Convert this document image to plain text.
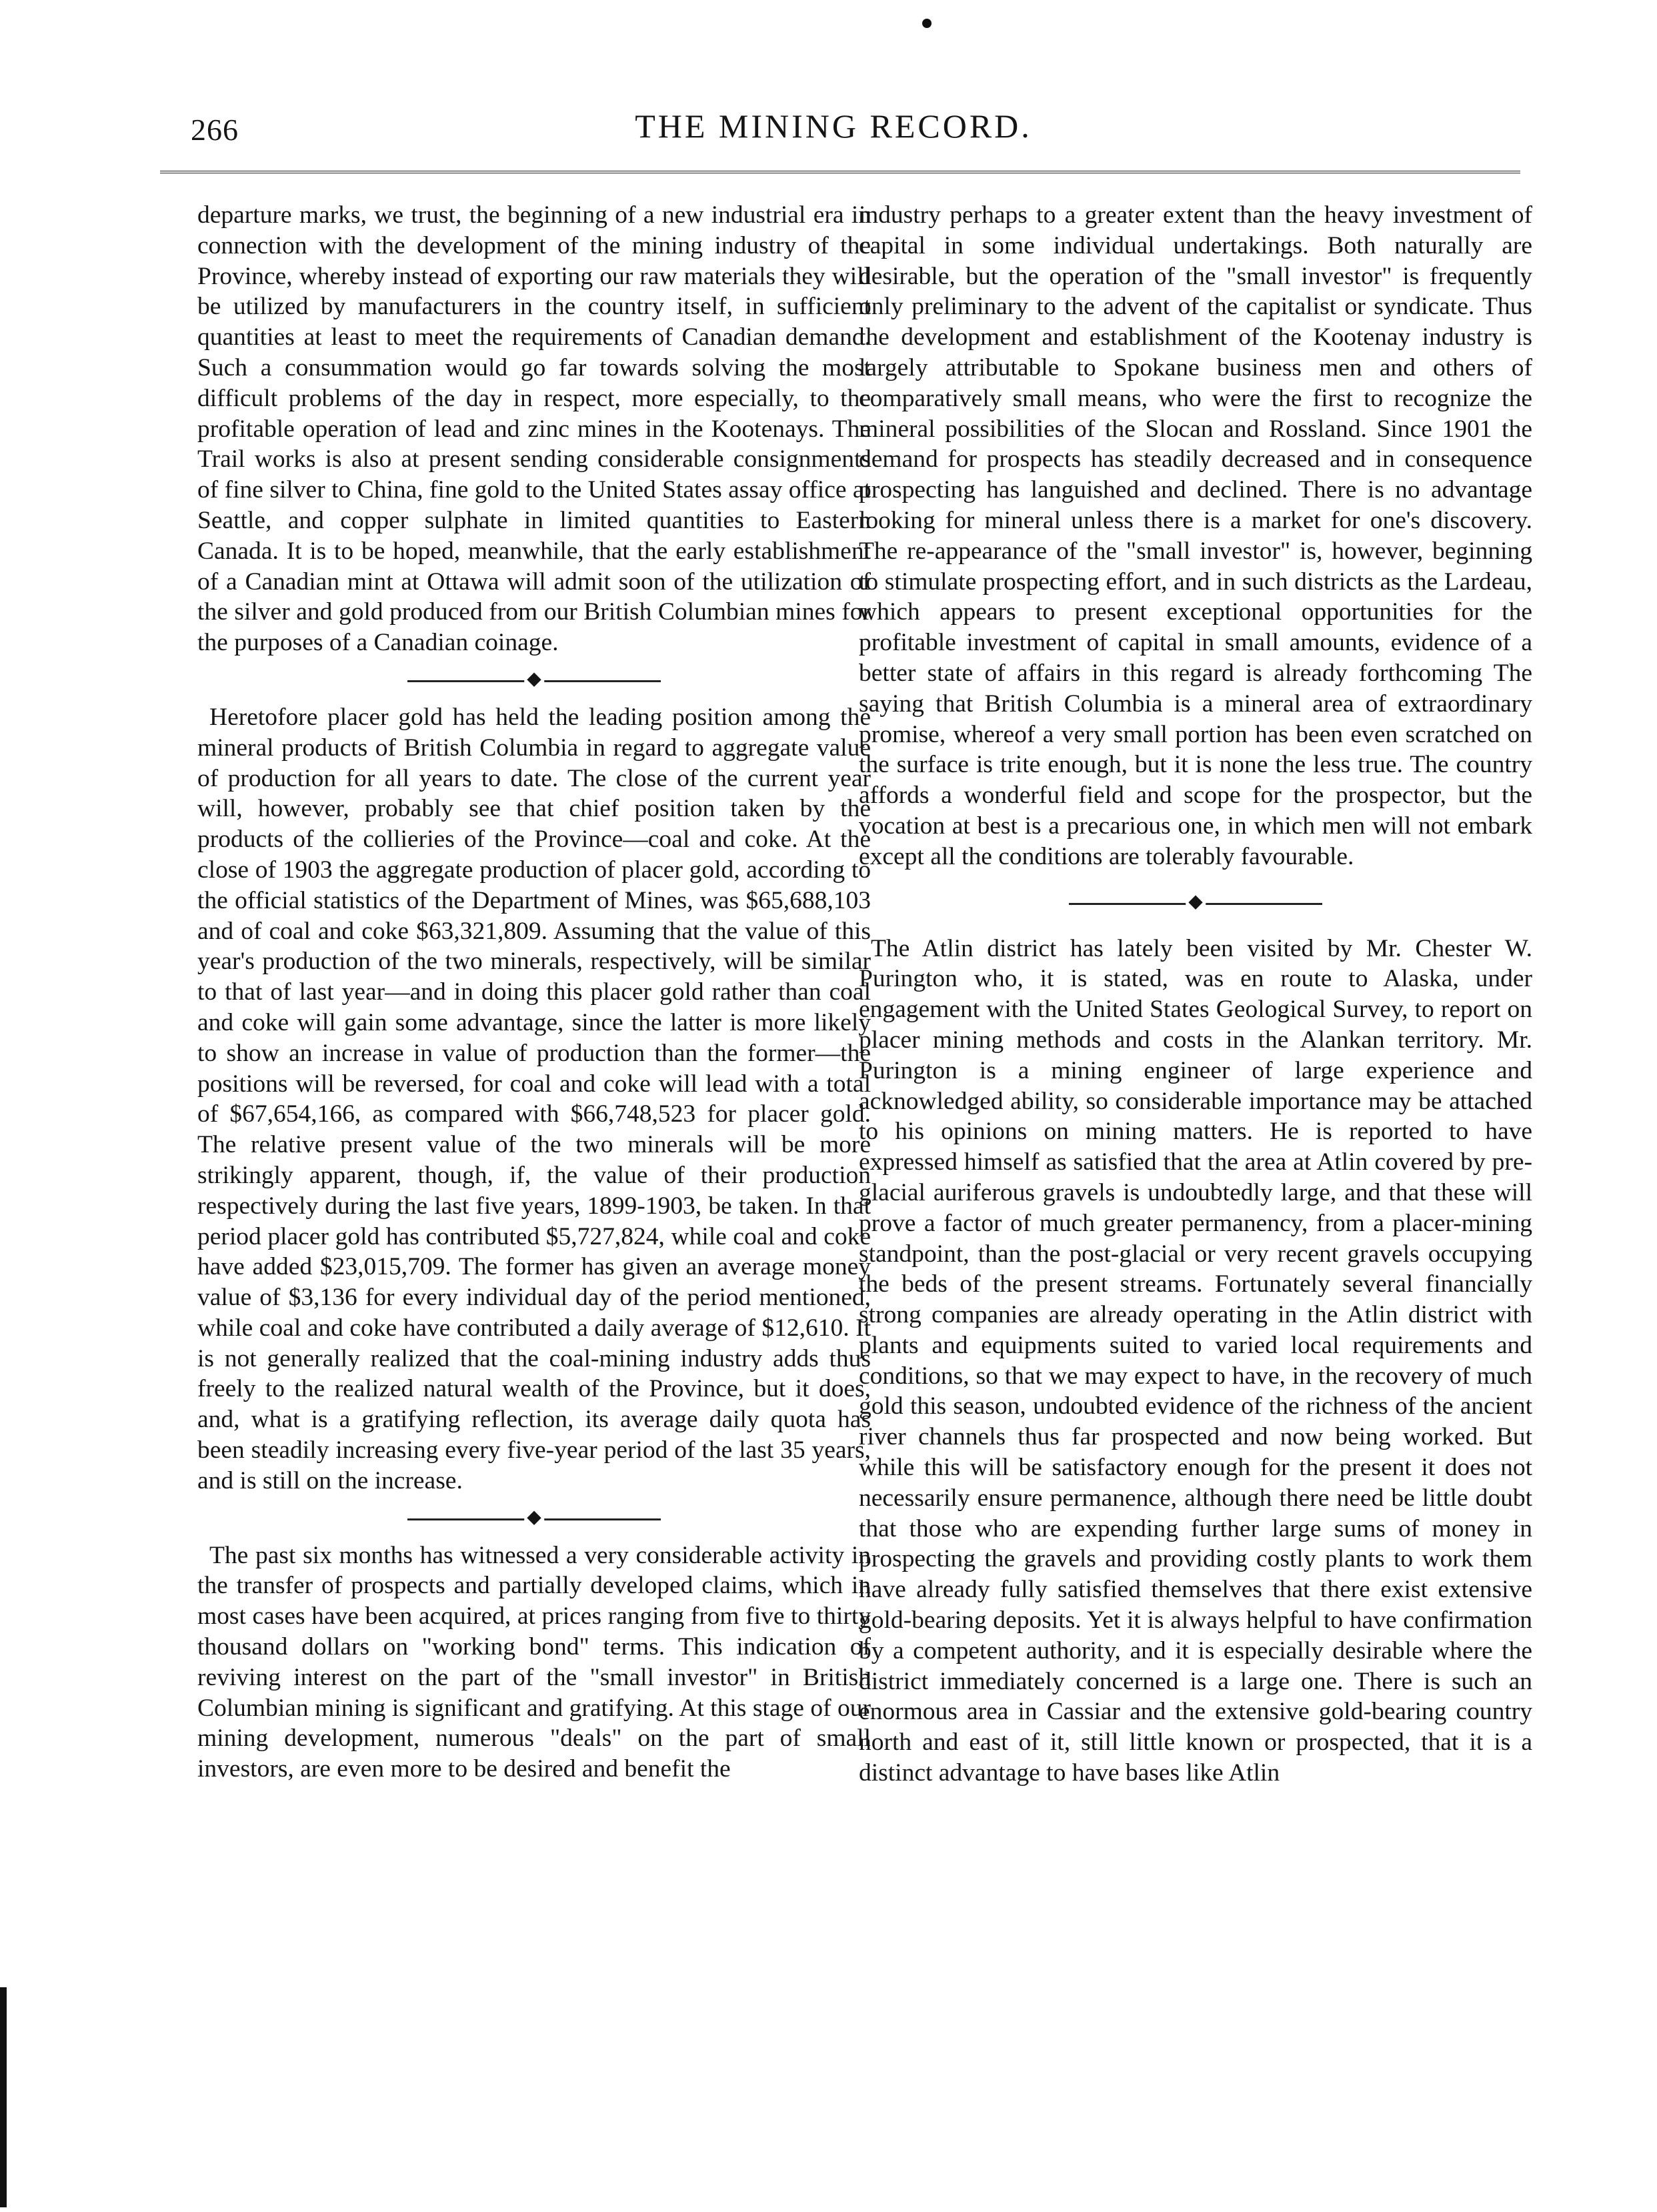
266	THE MINING RECORD.

departure marks, we trust, the beginning of a new industrial era in connection with the development of the mining industry of the Province, whereby instead of exporting our raw materials they will be utilized by manufacturers in the country itself, in sufficient quantities at least to meet the requirements of Canadian demand. Such a consummation would go far towards solving the most difficult problems of the day in respect, more especially, to the profitable operation of lead and zinc mines in the Kootenays. The Trail works is also at present sending considerable consignments of fine silver to China, fine gold to the United States assay office at Seattle, and copper sulphate in limited quantities to Eastern Canada. It is to be hoped, meanwhile, that the early establishment of a Canadian mint at Ottawa will admit soon of the utilization of the silver and gold produced from our British Columbian mines for the purposes of a Canadian coinage.

◆

Heretofore placer gold has held the leading position among the mineral products of British Columbia in regard to aggregate value of production for all years to date. The close of the current year will, however, probably see that chief position taken by the products of the collieries of the Province—coal and coke. At the close of 1903 the aggregate production of placer gold, according to the official statistics of the Department of Mines, was $65,688,103 and of coal and coke $63,321,809. Assuming that the value of this year's production of the two minerals, respectively, will be similar to that of last year—and in doing this placer gold rather than coal and coke will gain some advantage, since the latter is more likely to show an increase in value of production than the former—the positions will be reversed, for coal and coke will lead with a total of $67,654,166, as compared with $66,748,523 for placer gold. The relative present value of the two minerals will be more strikingly apparent, though, if, the value of their production respectively during the last five years, 1899-1903, be taken. In that period placer gold has contributed $5,727,824, while coal and coke have added $23,015,709. The former has given an average money value of $3,136 for every individual day of the period mentioned, while coal and coke have contributed a daily average of $12,610. It is not generally realized that the coal-mining industry adds thus freely to the realized natural wealth of the Province, but it does, and, what is a gratifying reflection, its average daily quota has been steadily increasing every five-year period of the last 35 years, and is still on the increase.

◆

The past six months has witnessed a very considerable activity in the transfer of prospects and partially developed claims, which in most cases have been acquired, at prices ranging from five to thirty thousand dollars on "working bond" terms. This indication of reviving interest on the part of the "small investor" in British Columbian mining is significant and gratifying. At this stage of our mining development, numerous "deals" on the part of small investors, are even more to be desired and benefit the

industry perhaps to a greater extent than the heavy investment of capital in some individual undertakings. Both naturally are desirable, but the operation of the "small investor" is frequently only preliminary to the advent of the capitalist or syndicate. Thus the development and establishment of the Kootenay industry is largely attributable to Spokane business men and others of comparatively small means, who were the first to recognize the mineral possibilities of the Slocan and Rossland. Since 1901 the demand for prospects has steadily decreased and in consequence prospecting has languished and declined. There is no advantage looking for mineral unless there is a market for one's discovery. The re-appearance of the "small investor" is, however, beginning to stimulate prospecting effort, and in such districts as the Lardeau, which appears to present exceptional opportunities for the profitable investment of capital in small amounts, evidence of a better state of affairs in this regard is already forthcoming The saying that British Columbia is a mineral area of extraordinary promise, whereof a very small portion has been even scratched on the surface is trite enough, but it is none the less true. The country affords a wonderful field and scope for the prospector, but the vocation at best is a precarious one, in which men will not embark except all the conditions are tolerably favourable.

◆

The Atlin district has lately been visited by Mr. Chester W. Purington who, it is stated, was en route to Alaska, under engagement with the United States Geological Survey, to report on placer mining methods and costs in the Alankan territory. Mr. Purington is a mining engineer of large experience and acknowledged ability, so considerable importance may be attached to his opinions on mining matters. He is reported to have expressed himself as satisfied that the area at Atlin covered by pre-glacial auriferous gravels is undoubtedly large, and that these will prove a factor of much greater permanency, from a placer-mining standpoint, than the post-glacial or very recent gravels occupying the beds of the present streams. Fortunately several financially strong companies are already operating in the Atlin district with plants and equipments suited to varied local requirements and conditions, so that we may expect to have, in the recovery of much gold this season, undoubted evidence of the richness of the ancient river channels thus far prospected and now being worked. But while this will be satisfactory enough for the present it does not necessarily ensure permanence, although there need be little doubt that those who are expending further large sums of money in prospecting the gravels and providing costly plants to work them have already fully satisfied themselves that there exist extensive gold-bearing deposits. Yet it is always helpful to have confirmation by a competent authority, and it is especially desirable where the district immediately concerned is a large one. There is such an enormous area in Cassiar and the extensive gold-bearing country north and east of it, still little known or prospected, that it is a distinct advantage to have bases like Atlin
